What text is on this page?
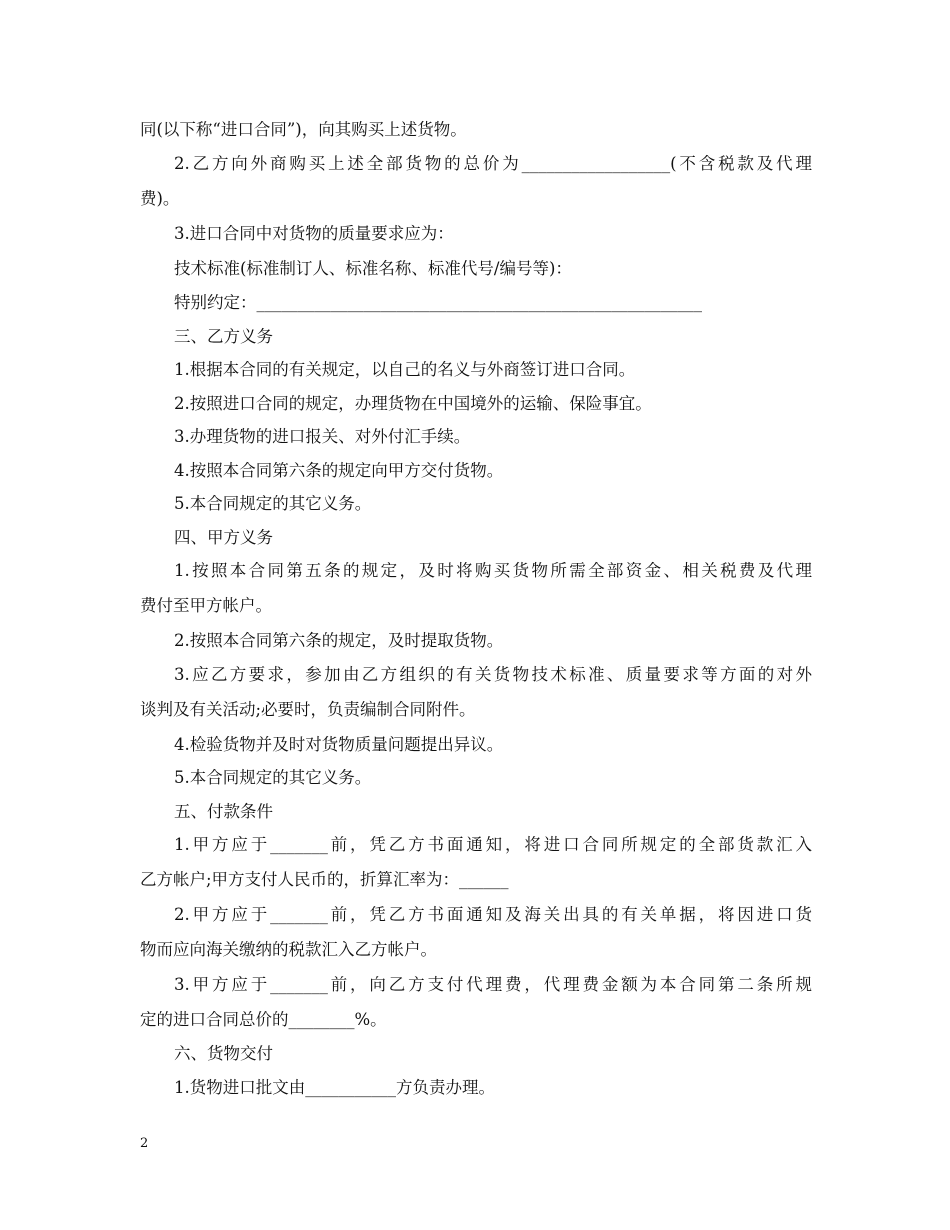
同(以下称“进口合同”)，向其购买上述货物。
2.乙方向外商购买上述全部货物的总价为__________________(不含税款及代理
费)。
3.进口合同中对货物的质量要求应为：
技术标准(标准制订人、标准名称、标准代号/编号等)：
特别约定：______________________________________________________
三、乙方义务
1.根据本合同的有关规定，以自己的名义与外商签订进口合同。
2.按照进口合同的规定，办理货物在中国境外的运输、保险事宜。
3.办理货物的进口报关、对外付汇手续。
4.按照本合同第六条的规定向甲方交付货物。
5.本合同规定的其它义务。
四、甲方义务
1.按照本合同第五条的规定，及时将购买货物所需全部资金、相关税费及代理
费付至甲方帐户。
2.按照本合同第六条的规定，及时提取货物。
3.应乙方要求，参加由乙方组织的有关货物技术标准、质量要求等方面的对外
谈判及有关活动;必要时，负责编制合同附件。
4.检验货物并及时对货物质量问题提出异议。
5.本合同规定的其它义务。
五、付款条件
1.甲方应于_______前，凭乙方书面通知，将进口合同所规定的全部货款汇入
乙方帐户;甲方支付人民币的，折算汇率为：______
2.甲方应于_______前，凭乙方书面通知及海关出具的有关单据，将因进口货
物而应向海关缴纳的税款汇入乙方帐户。
3.甲方应于_______前，向乙方支付代理费，代理费金额为本合同第二条所规
定的进口合同总价的________%。
六、货物交付
1.货物进口批文由___________方负责办理。
2
